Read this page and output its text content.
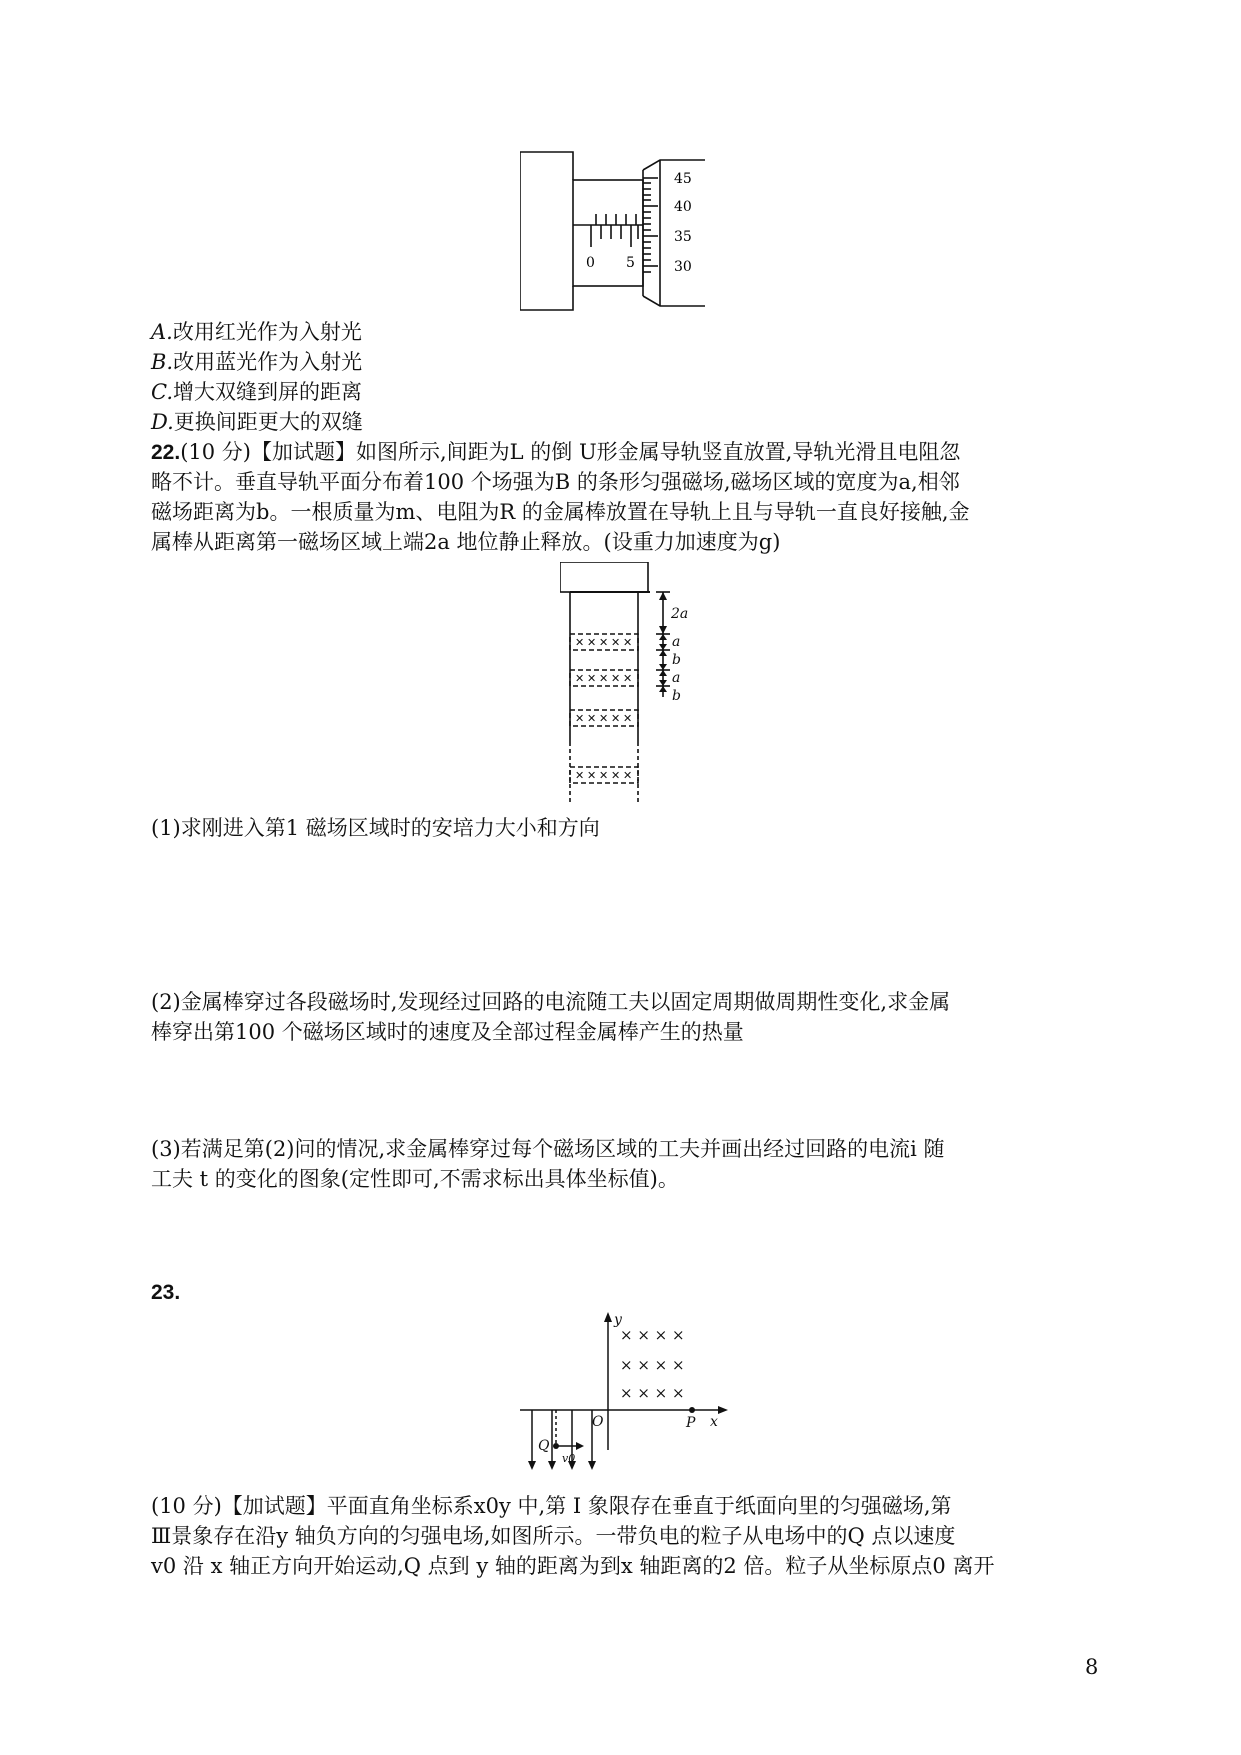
0 5
45
40
35
30
A.改用红光作为入射光
B.改用蓝光作为入射光
C.增大双缝到屏的距离
D.更换间距更大的双缝
22.(10 分)【加试题】如图所示,间距为L 的倒 U形金属导轨竖直放置,导轨光滑且电阻忽
略不计。垂直导轨平面分布着100 个场强为B 的条形匀强磁场,磁场区域的宽度为a,相邻
磁场距离为b。一根质量为m、电阻为R 的金属棒放置在导轨上且与导轨一直良好接触,金
属棒从距离第一磁场区域上端2a 地位静止释放。(设重力加速度为g)
✕ ✕ ✕ ✕ ✕
✕ ✕ ✕ ✕ ✕
✕ ✕ ✕ ✕ ✕
✕ ✕ ✕ ✕ ✕
2a
a
b
a
b
(1)求刚进入第1 磁场区域时的安培力大小和方向
(2)金属棒穿过各段磁场时,发现经过回路的电流随工夫以固定周期做周期性变化,求金属
棒穿出第100 个磁场区域时的速度及全部过程金属棒产生的热量
(3)若满足第(2)问的情况,求金属棒穿过每个磁场区域的工夫并画出经过回路的电流i 随
工夫 t 的变化的图象(定性即可,不需求标出具体坐标值)。
23.
× × × ×
× × × ×
× × × ×
y
x
O	P
Q
v0
(10 分)【加试题】平面直角坐标系x0y 中,第 Ⅰ 象限存在垂直于纸面向里的匀强磁场,第
Ⅲ景象存在沿y 轴负方向的匀强电场,如图所示。一带负电的粒子从电场中的Q 点以速度
v0 沿 x 轴正方向开始运动,Q 点到 y 轴的距离为到x 轴距离的2 倍。粒子从坐标原点0 离开
8
